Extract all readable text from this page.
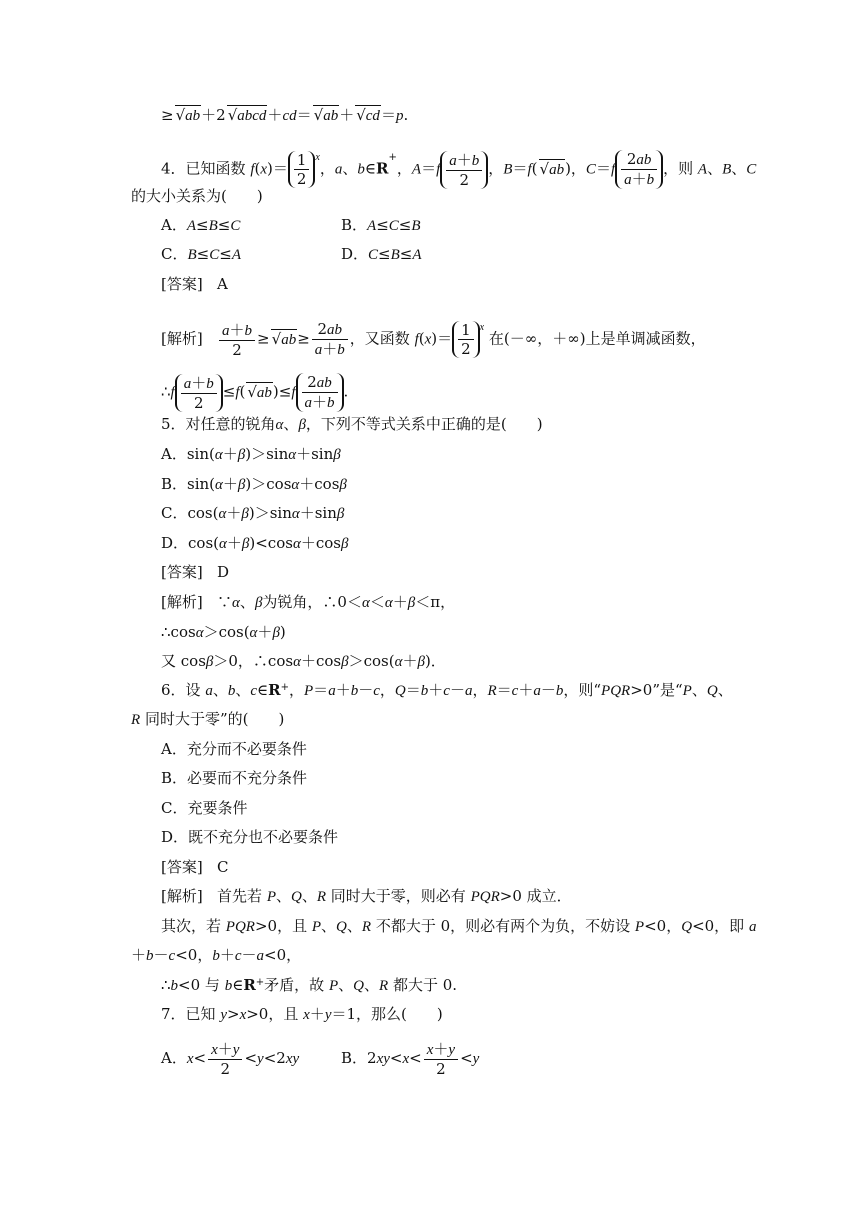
≥√ ab＋2√ abcd＋cd＝√ ab＋√ cd＝p.
4．已知函数 $f(x)= \frac{1}{2} ^x$，a、b∈R+，$A=f \frac{a+b}{2}$ ，B＝f(√ ab)，$C=f \frac{2ab}{a+b}$ ，则 A、B、C
的大小关系为(　　)
A．A≤B≤C	B．A≤C≤B
C．B≤C≤A	D．C≤B≤A
[答案] A
[解析] $\frac{a+b}{2}$ ≥√ $ab\ge \frac{2ab}{a+b}$ ，又函数 $f(x)= \frac{1}{2} ^x$ 在(－∞，＋∞)上是单调减函数，
∴f $\frac{a+b}{2} \le f(√$ $ab)\le f \frac{2ab}{a+b}$ .
5．对任意的锐角α、β，下列不等式关系中正确的是(　　)
A．sin(α＋β)＞sinα＋sinβ
B．sin(α＋β)＞cosα＋cosβ
C．cos(α＋β)＞sinα＋sinβ
D．cos(α＋β)<cosα＋cosβ
[答案] D
[解析] ∵α、β为锐角，∴0＜α＜α＋β＜π，
∴cosα＞cos(α＋β)
又 cosβ＞0，∴cosα＋cosβ＞cos(α＋β)．
6．设 a、b、c∈R+，P＝a＋b－c，Q＝b＋c－a，R＝c＋a－b，则“PQR>0”是“P、Q、
R 同时大于零”的(　　)
A．充分而不必要条件
B．必要而不充分条件
C．充要条件
D．既不充分也不必要条件
[答案] C
[解析] 首先若 P、Q、R 同时大于零，则必有 PQR>0 成立．
其次，若 PQR>0，且 P、Q、R 不都大于 0，则必有两个为负，不妨设 P<0，Q<0，即 a
＋b－c<0，b＋c－a<0，
∴b<0 与 b∈R+矛盾，故 P、Q、R 都大于 0.
7．已知 y>x>0，且 x＋y＝1，那么(　　)
A．$x< \frac{x+y}{2} <y<2xy$	B．$2xy<x< \frac{x+y}{2} <y$
